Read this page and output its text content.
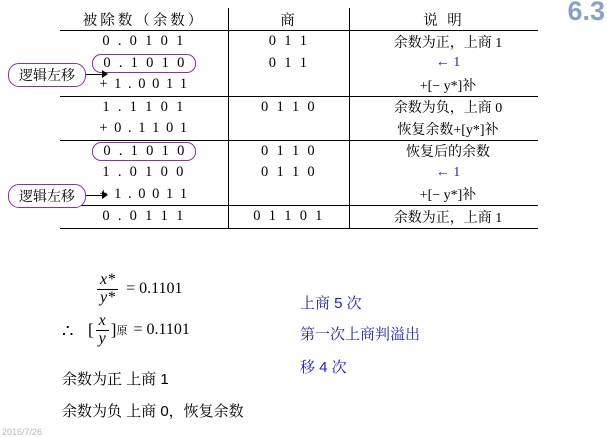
6.3
被除数（余数）	商	说 明
0 . 0 1 0 1	0 1 1	余数为正，上商 1
0 . 1 0 1 0	0 1 1	← 1
+ 1 . 0 0 1 1		+[− y*]补
1 . 1 1 0 1	0 1 1 0	余数为负，上商 0
+ 0 . 1 1 0 1		恢复余数+[y*]补
0 . 1 0 1 0	0 1 1 0	恢复后的余数
1 . 0 1 0 0	0 1 1 0	← 1
+ 1 . 0 0 1 1		+[− y*]补
0 . 0 1 1 1	0 1 1 0 1	余数为正，上商 1
逻辑左移
逻辑左移
$\frac{x*}{y*} = 0.1101$
∴ [ $\frac{x}{y}$ ] 原 = 0.1101
上商 5 次
第一次上商判溢出
移 4 次
余数为正 上商 1
余数为负 上商 0，恢复余数
2016/7/26
